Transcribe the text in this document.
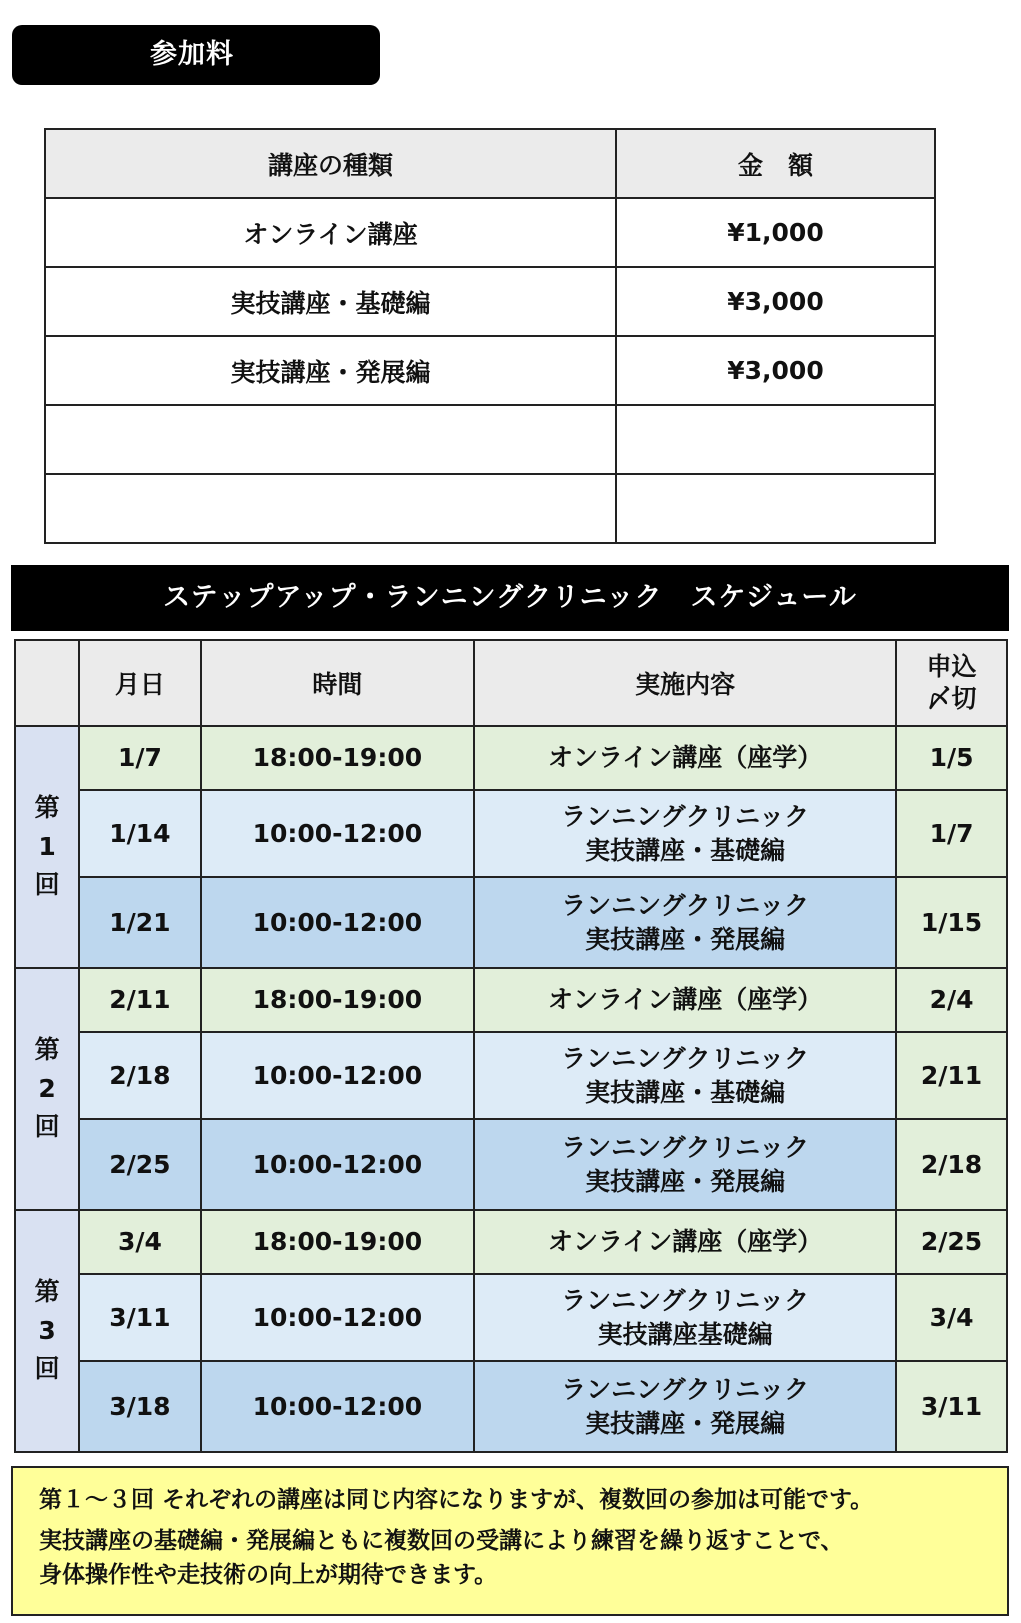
参加料
講座の種類	金　額
オンライン講座	¥1,000
実技講座・基礎編	¥3,000
実技講座・発展編	¥3,000

ステップアップ・ランニングクリニック　スケジュール
	月日	時間	実施内容	申込
〆切

第
1
回	1/7	18:00-19:00	オンライン講座（座学）	1/5
	1/14	10:00-12:00	ランニングクリニック
実技講座・基礎編	1/7
	1/21	10:00-12:00	ランニングクリニック
実技講座・発展編	1/15

第
2
回	2/11	18:00-19:00	オンライン講座（座学）	2/4
	2/18	10:00-12:00	ランニングクリニック
実技講座・基礎編	2/11
	2/25	10:00-12:00	ランニングクリニック
実技講座・発展編	2/18

第
3
回	3/4	18:00-19:00	オンライン講座（座学）	2/25
	3/11	10:00-12:00	ランニングクリニック
実技講座基礎編	3/4
	3/18	10:00-12:00	ランニングクリニック
実技講座・発展編	3/11

第１～３回 それぞれの講座は同じ内容になりますが、複数回の参加は可能です。

実技講座の基礎編・発展編ともに複数回の受講により練習を繰り返すことで、

身体操作性や走技術の向上が期待できます。
